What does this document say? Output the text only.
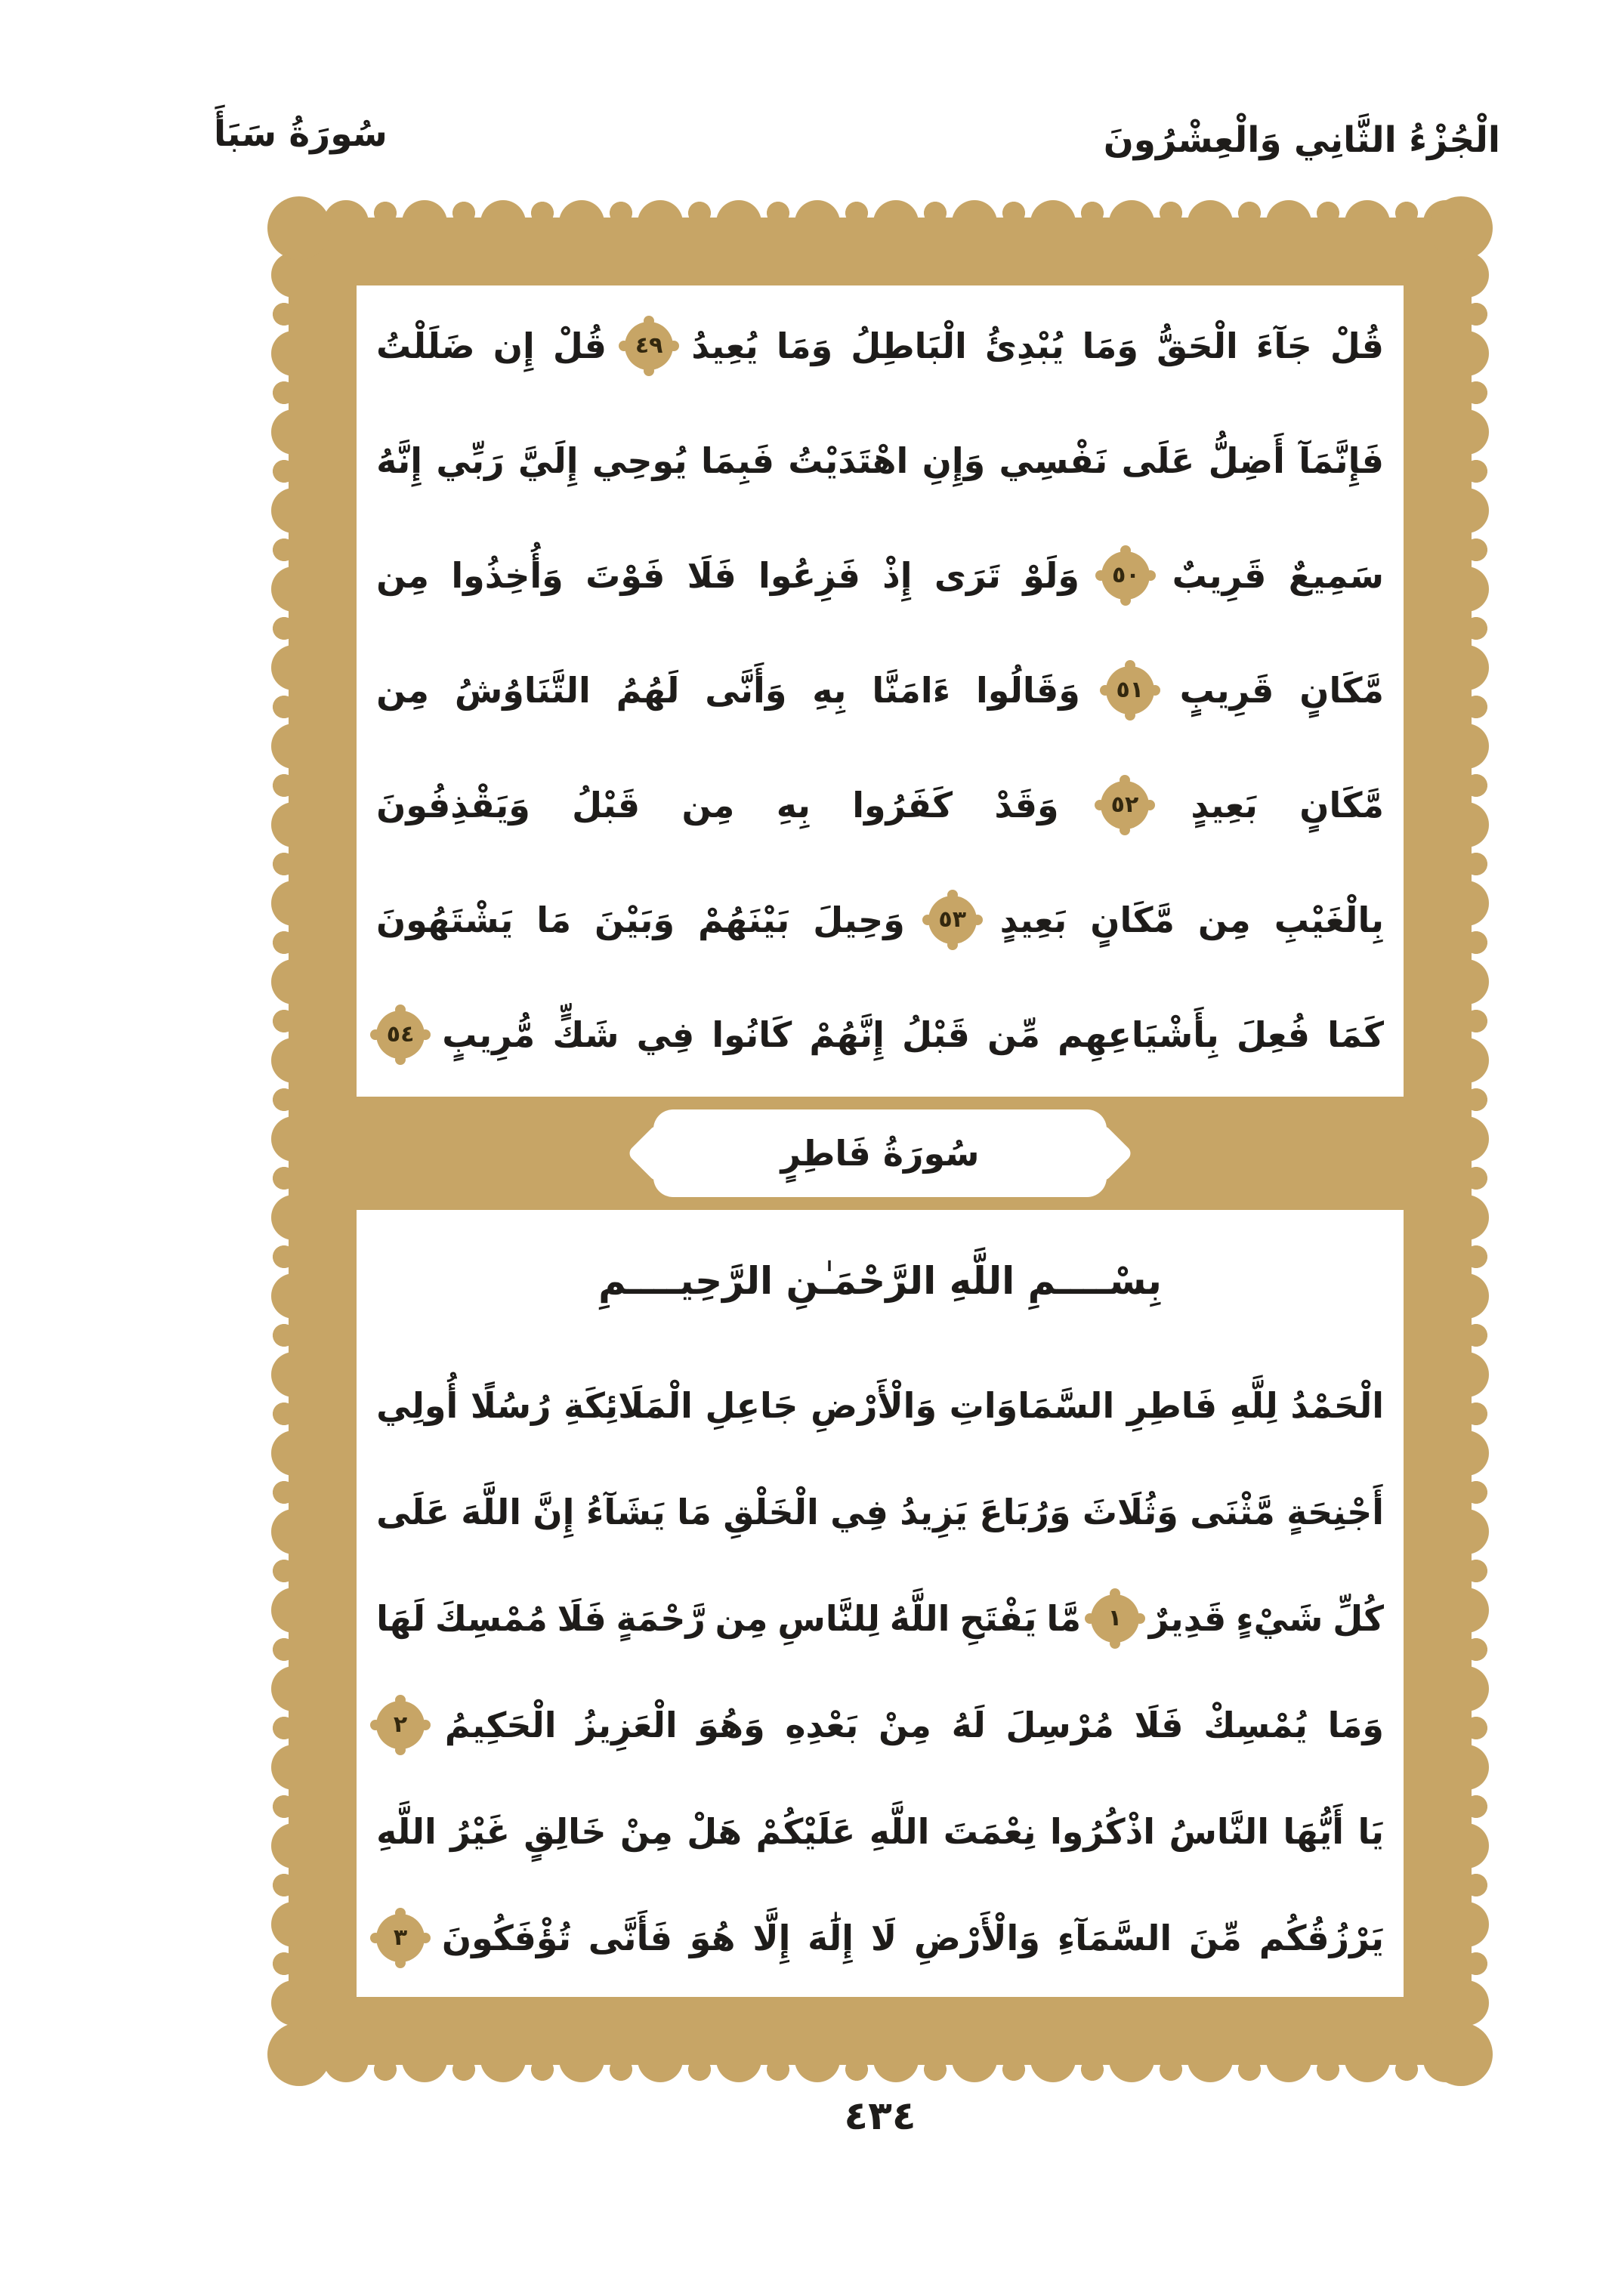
سُورَةُ سَبَأَ	الْجُزْءُ الثَّانِي وَالْعِشْرُونَ
قُلْ
جَآءَ
الْحَقُّ
وَمَا
يُبْدِئُ
الْبَاطِلُ
وَمَا
يُعِيدُ
٤٩
قُلْ
إِن
ضَلَلْتُ
فَإِنَّمَآ
أَضِلُّ
عَلَى
نَفْسِي
وَإِنِ
اهْتَدَيْتُ
فَبِمَا
يُوحِي
إِلَيَّ
رَبِّي
إِنَّهُ
سَمِيعٌ
قَرِيبٌ
٥٠
وَلَوْ
تَرَى
إِذْ
فَزِعُوا
فَلَا
فَوْتَ
وَأُخِذُوا
مِن
مَّكَانٍ
قَرِيبٍ
٥١
وَقَالُوا
ءَامَنَّا
بِهِ
وَأَنَّى
لَهُمُ
التَّنَاوُشُ
مِن
مَّكَانٍ
بَعِيدٍ
٥٢
وَقَدْ
كَفَرُوا
بِهِ
مِن
قَبْلُ
وَيَقْذِفُونَ
بِالْغَيْبِ
مِن
مَّكَانٍ
بَعِيدٍ
٥٣
وَحِيلَ
بَيْنَهُمْ
وَبَيْنَ
مَا
يَشْتَهُونَ
كَمَا
فُعِلَ
بِأَشْيَاعِهِم
مِّن
قَبْلُ
إِنَّهُمْ
كَانُوا
فِي
شَكٍّ
مُّرِيبٍ
٥٤
سُورَةُ فَاطِرٍ
بِسْــــمِ اللَّهِ الرَّحْمَـٰنِ الرَّحِيــــمِ
الْحَمْدُ
لِلَّهِ
فَاطِرِ
السَّمَاوَاتِ
وَالْأَرْضِ
جَاعِلِ
الْمَلَائِكَةِ
رُسُلًا
أُولِي
أَجْنِحَةٍ
مَّثْنَى
وَثُلَاثَ
وَرُبَاعَ
يَزِيدُ
فِي
الْخَلْقِ
مَا
يَشَآءُ
إِنَّ
اللَّهَ
عَلَى
كُلِّ
شَيْءٍ
قَدِيرٌ
١
مَّا
يَفْتَحِ
اللَّهُ
لِلنَّاسِ
مِن
رَّحْمَةٍ
فَلَا
مُمْسِكَ
لَهَا
وَمَا
يُمْسِكْ
فَلَا
مُرْسِلَ
لَهُ
مِنْ
بَعْدِهِ
وَهُوَ
الْعَزِيزُ
الْحَكِيمُ
٢
يَا
أَيُّهَا
النَّاسُ
اذْكُرُوا
نِعْمَتَ
اللَّهِ
عَلَيْكُمْ
هَلْ
مِنْ
خَالِقٍ
غَيْرُ
اللَّهِ
يَرْزُقُكُم
مِّنَ
السَّمَآءِ
وَالْأَرْضِ
لَا
إِلَٰهَ
إِلَّا
هُوَ
فَأَنَّى
تُؤْفَكُونَ
٣
٤٣٤
